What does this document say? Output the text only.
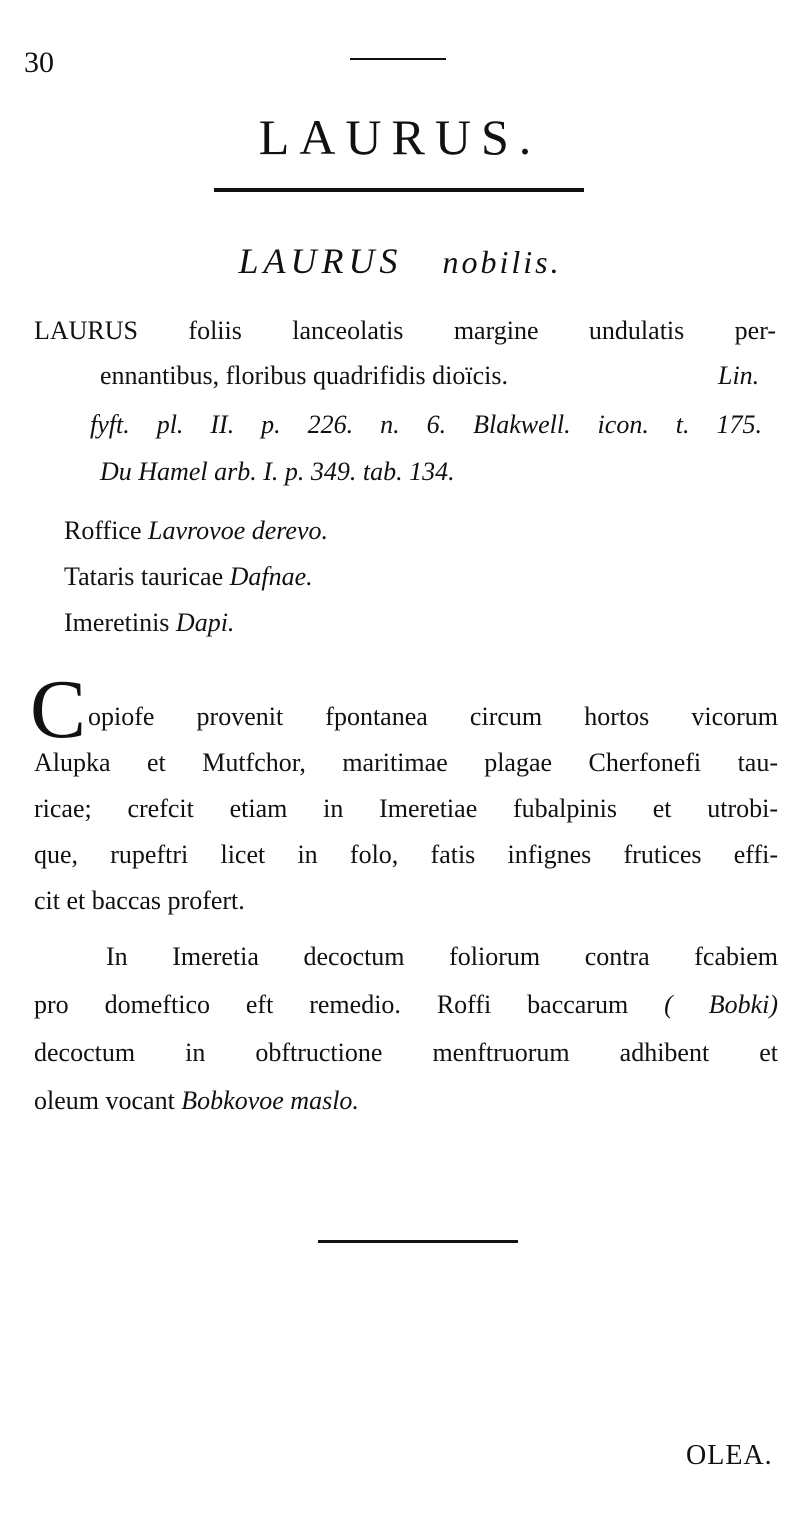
30
LAURUS.
LAURUS nobilis.
LAURUS foliis lanceolatis margine undulatis per-
ennantibus, floribus quadrifidis dioïcis.	Lin.
fyft. pl. II. p. 226. n. 6. Blakwell. icon. t. 175.
Du Hamel arb. I. p. 349. tab. 134.
Roffice Lavrovoe derevo.
Tataris tauricae Dafnae.
Imeretinis Dapi.
C opiofe provenit fpontanea circum hortos vicorum
Alupka et Mutfchor, maritimae plagae Cherfonefi tau-
ricae; crefcit etiam in Imeretiae fubalpinis et utrobi-
que, rupeftri licet in folo, fatis infignes frutices effi-
cit et baccas profert.
In Imeretia decoctum foliorum contra fcabiem
pro domeftico eft remedio. Roffi baccarum ( Bobki)
decoctum in obftructione menftruorum adhibent et
oleum vocant Bobkovoe maslo.
OLEA.
